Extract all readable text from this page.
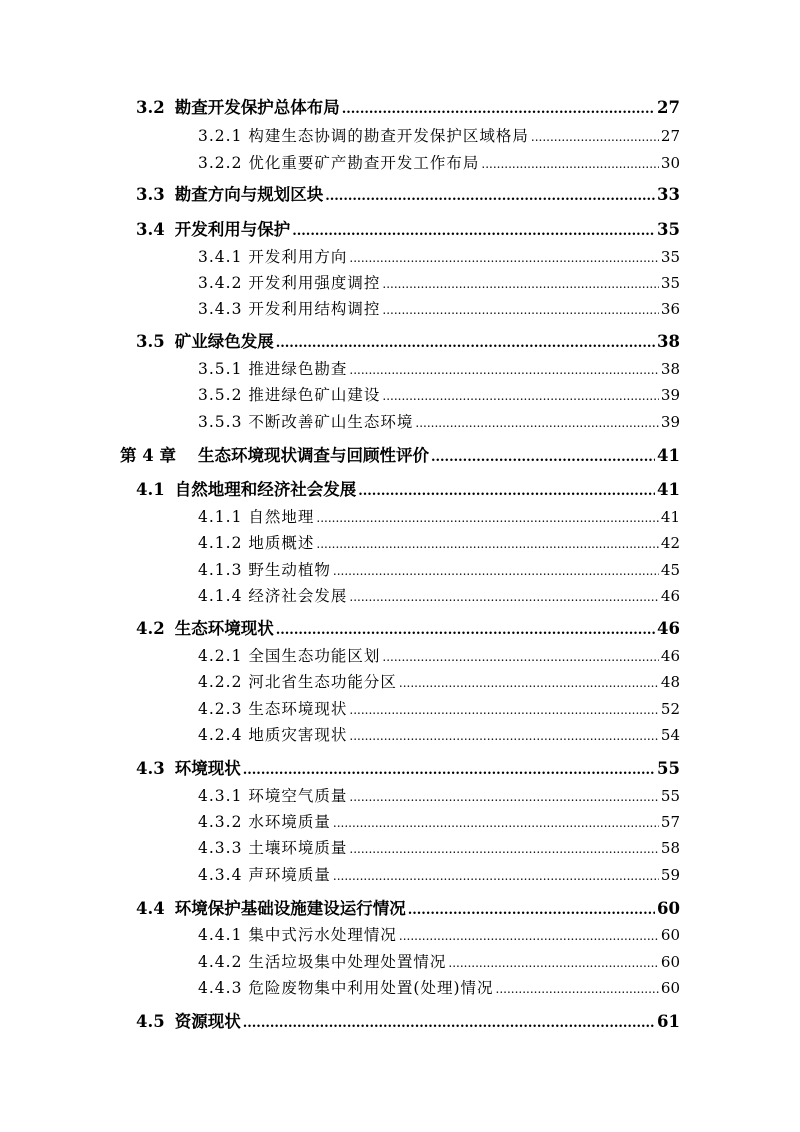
3.2 勘查开发保护总体布局 .....	27
3.2.1 构建生态协调的勘查开发保护区域格局 .....	27
3.2.2 优化重要矿产勘查开发工作布局 .....	30
3.3 勘查方向与规划区块 .....	33
3.4 开发利用与保护 .....	35
3.4.1 开发利用方向 .....	35
3.4.2 开发利用强度调控 .....	35
3.4.3 开发利用结构调控 .....	36
3.5 矿业绿色发展 .....	38
3.5.1 推进绿色勘查 .....	38
3.5.2 推进绿色矿山建设 .....	39
3.5.3 不断改善矿山生态环境 .....	39
第 4 章 生态环境现状调查与回顾性评价 .....	41
4.1 自然地理和经济社会发展 .....	41
4.1.1 自然地理 .....	41
4.1.2 地质概述 .....	42
4.1.3 野生动植物 .....	45
4.1.4 经济社会发展 .....	46
4.2 生态环境现状 .....	46
4.2.1 全国生态功能区划 .....	46
4.2.2 河北省生态功能分区 .....	48
4.2.3 生态环境现状 .....	52
4.2.4 地质灾害现状 .....	54
4.3 环境现状 .....	55
4.3.1 环境空气质量 .....	55
4.3.2 水环境质量 .....	57
4.3.3 土壤环境质量 .....	58
4.3.4 声环境质量 .....	59
4.4 环境保护基础设施建设运行情况 .....	60
4.4.1 集中式污水处理情况 .....	60
4.4.2 生活垃圾集中处理处置情况 .....	60
4.4.3 危险废物集中利用处置(处理)情况 .....	60
4.5 资源现状 .....	61
